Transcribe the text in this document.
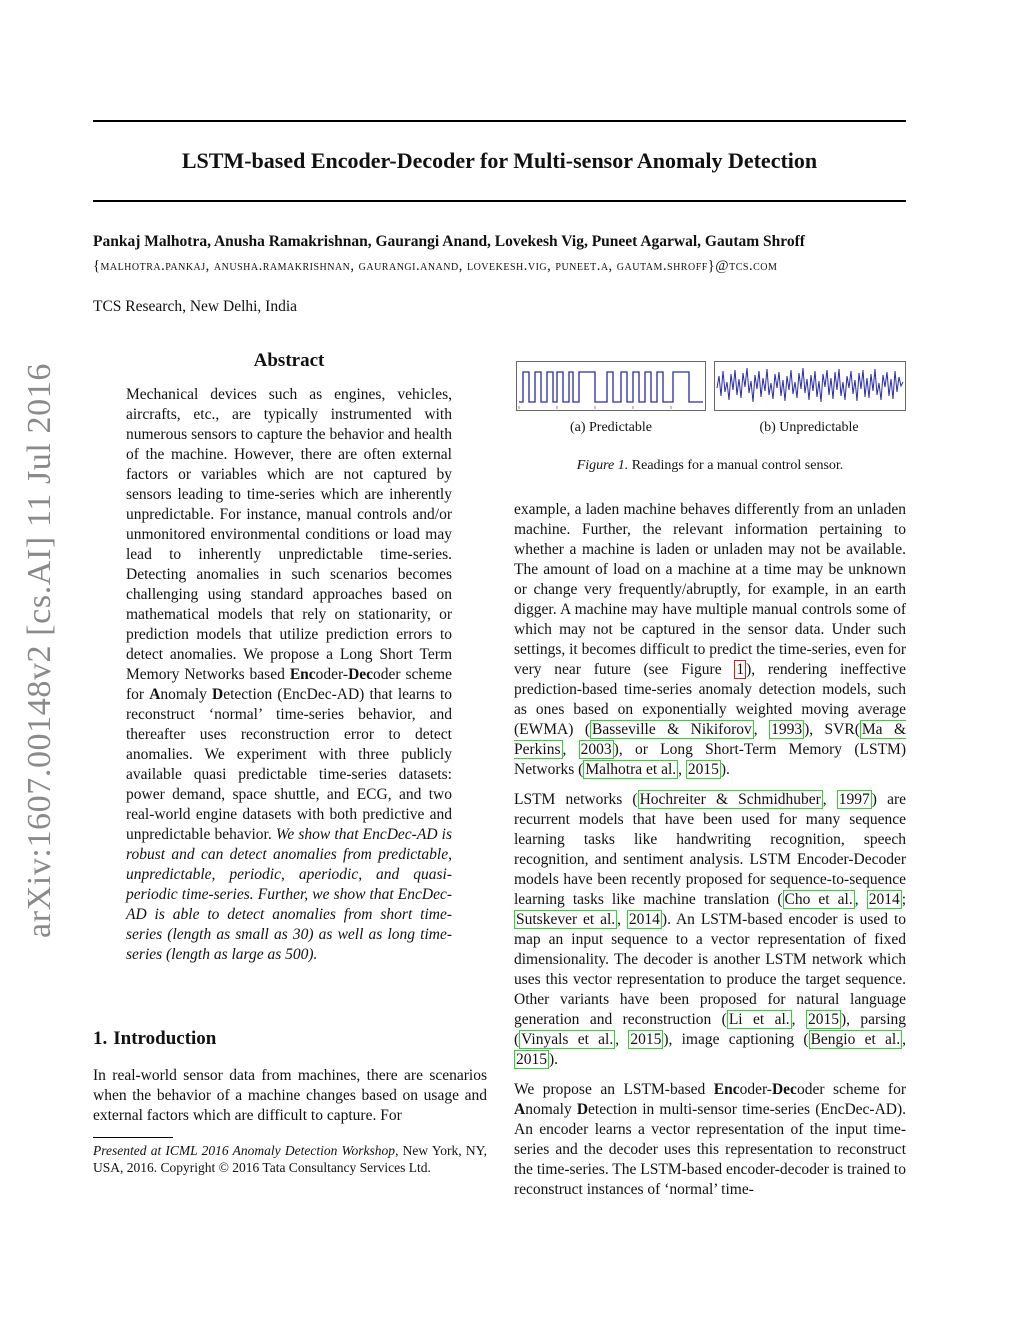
arXiv:1607.00148v2 [cs.AI] 11 Jul 2016
LSTM-based Encoder-Decoder for Multi-sensor Anomaly Detection
Pankaj Malhotra, Anusha Ramakrishnan, Gaurangi Anand, Lovekesh Vig, Puneet Agarwal, Gautam Shroff
{malhotra.pankaj, anusha.ramakrishnan, gaurangi.anand, lovekesh.vig, puneet.a, gautam.shroff}@tcs.com
TCS Research, New Delhi, India
Abstract

Mechanical devices such as engines, vehicles, aircrafts, etc., are typically instrumented with numerous sensors to capture the behavior and health of the machine. However, there are often external factors or variables which are not captured by sensors leading to time-series which are inherently unpredictable. For instance, manual controls and/or unmonitored environmental conditions or load may lead to inherently unpredictable time-series. Detecting anomalies in such scenarios becomes challenging using standard approaches based on mathematical models that rely on stationarity, or prediction models that utilize prediction errors to detect anomalies. We propose a Long Short Term Memory Networks based Encoder-Decoder scheme for Anomaly Detection (EncDec-AD) that learns to reconstruct ‘normal’ time-series behavior, and thereafter uses reconstruction error to detect anomalies. We experiment with three publicly available quasi predictable time-series datasets: power demand, space shuttle, and ECG, and two real-world engine datasets with both predictive and unpredictable behavior. We show that EncDec-AD is robust and can detect anomalies from predictable, unpredictable, periodic, aperiodic, and quasi-periodic time-series. Further, we show that EncDec-AD is able to detect anomalies from short time-series (length as small as 30) as well as long time-series (length as large as 500).

1. Introduction

In real-world sensor data from machines, there are scenarios when the behavior of a machine changes based on usage and external factors which are difficult to capture. For

Presented at ICML 2016 Anomaly Detection Workshop, New York, NY, USA, 2016. Copyright © 2016 Tata Consultancy Services Ltd.
(a) Predictable	(b) Unpredictable
Figure 1. Readings for a manual control sensor.

example, a laden machine behaves differently from an unladen machine. Further, the relevant information pertaining to whether a machine is laden or unladen may not be available. The amount of load on a machine at a time may be unknown or change very frequently/abruptly, for example, in an earth digger. A machine may have multiple manual controls some of which may not be captured in the sensor data. Under such settings, it becomes difficult to predict the time-series, even for very near future (see Figure 1 ), rendering ineffective prediction-based time-series anomaly detection models, such as ones based on exponentially weighted moving average (EWMA) ( Basseville & Nikiforov , 1993 ), SVR( Ma & Perkins , 2003 ), or Long Short-Term Memory (LSTM) Networks ( Malhotra et al. , 2015 ).

LSTM networks ( Hochreiter & Schmidhuber , 1997 ) are recurrent models that have been used for many sequence learning tasks like handwriting recognition, speech recognition, and sentiment analysis. LSTM Encoder-Decoder models have been recently proposed for sequence-to-sequence learning tasks like machine translation ( Cho et al. , 2014 ; Sutskever et al. , 2014 ). An LSTM-based encoder is used to map an input sequence to a vector representation of fixed dimensionality. The decoder is another LSTM network which uses this vector representation to produce the target sequence. Other variants have been proposed for natural language generation and reconstruction ( Li et al. , 2015 ), parsing ( Vinyals et al. , 2015 ), image captioning ( Bengio et al. , 2015 ).

We propose an LSTM-based Encoder-Decoder scheme for Anomaly Detection in multi-sensor time-series (EncDec-AD). An encoder learns a vector representation of the input time-series and the decoder uses this representation to reconstruct the time-series. The LSTM-based encoder-decoder is trained to reconstruct instances of ‘normal’ time-
